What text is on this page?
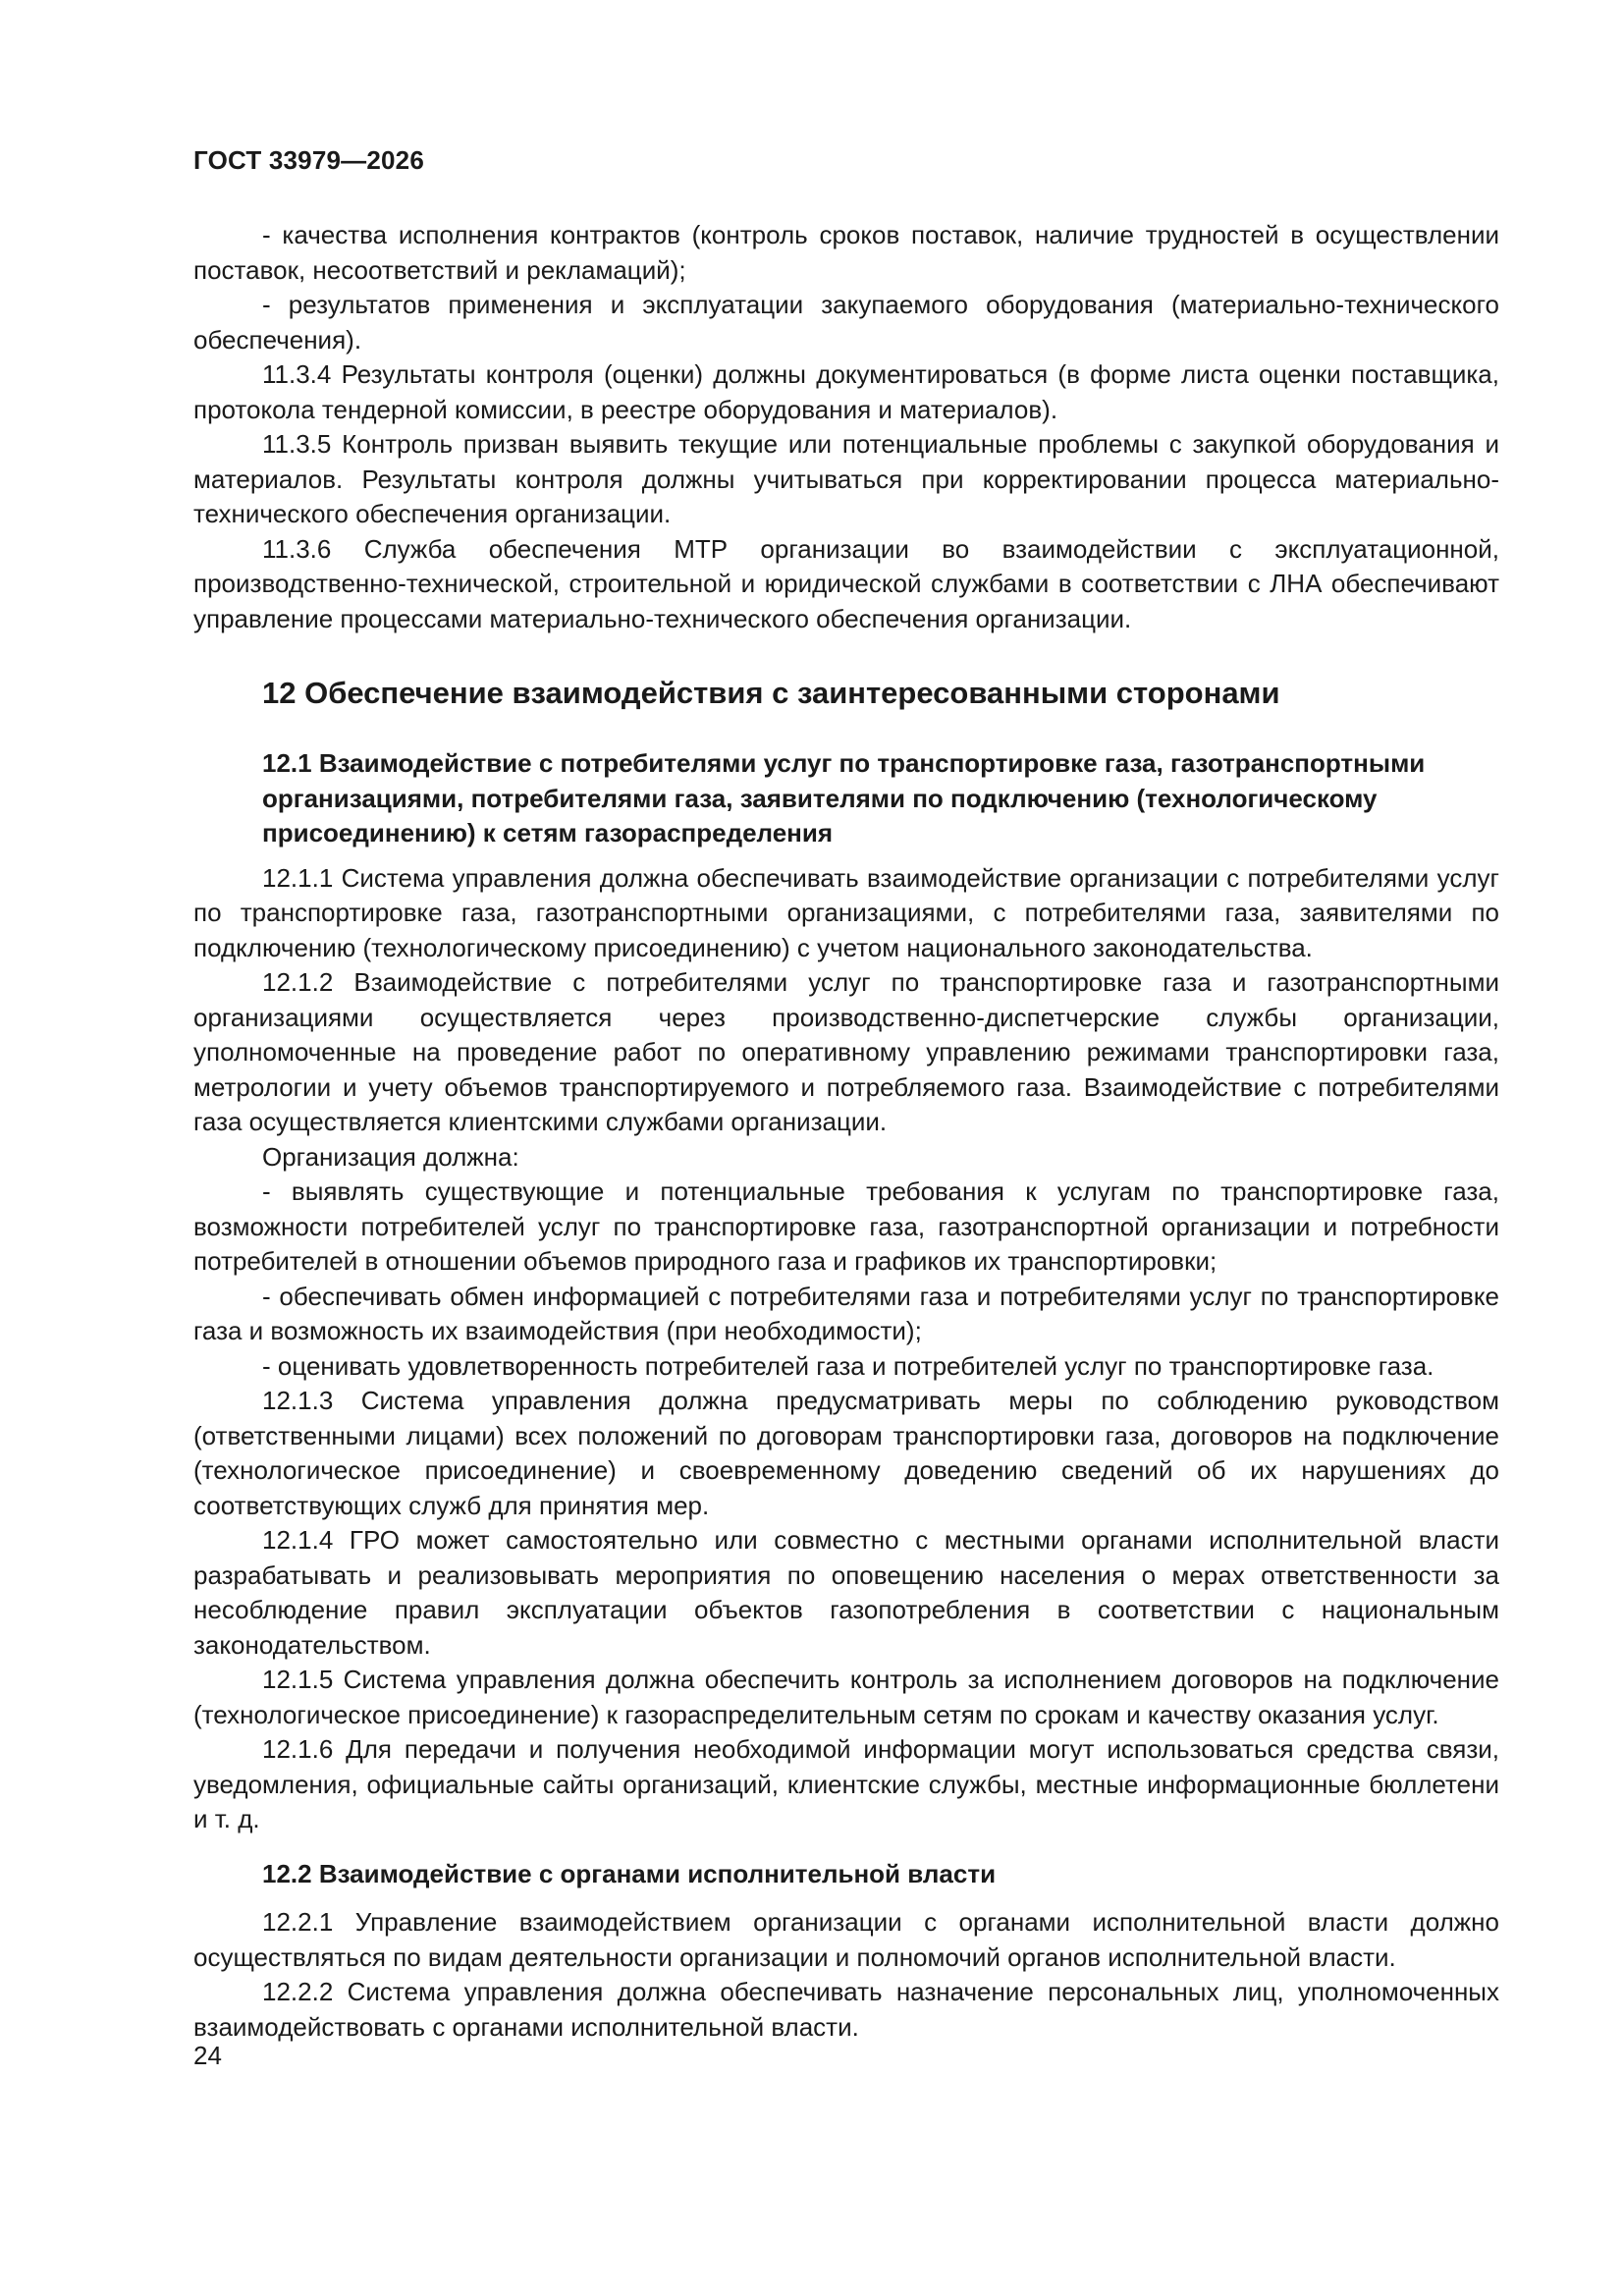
ГОСТ 33979—2026

- качества исполнения контрактов (контроль сроков поставок, наличие трудностей в осуществлении поставок, несоответствий и рекламаций);

- результатов применения и эксплуатации закупаемого оборудования (материально-технического обеспечения).

11.3.4 Результаты контроля (оценки) должны документироваться (в форме листа оценки поставщика, протокола тендерной комиссии, в реестре оборудования и материалов).

11.3.5 Контроль призван выявить текущие или потенциальные проблемы с закупкой оборудования и материалов. Результаты контроля должны учитываться при корректировании процесса материально-технического обеспечения организации.

11.3.6 Служба обеспечения МТР организации во взаимодействии с эксплуатационной, производственно-технической, строительной и юридической службами в соответствии с ЛНА обеспечивают управление процессами материально-технического обеспечения организации.

12 Обеспечение взаимодействия с заинтересованными сторонами
12.1 Взаимодействие с потребителями услуг по транспортировке газа, газотранспортными организациями, потребителями газа, заявителями по подключению (технологическому присоединению) к сетям газораспределения

12.1.1 Система управления должна обеспечивать взаимодействие организации с потребителями услуг по транспортировке газа, газотранспортными организациями, с потребителями газа, заявителями по подключению (технологическому присоединению) с учетом национального законодательства.

12.1.2 Взаимодействие с потребителями услуг по транспортировке газа и газотранспортными организациями осуществляется через производственно-диспетчерские службы организации, уполномоченные на проведение работ по оперативному управлению режимами транспортировки газа, метрологии и учету объемов транспортируемого и потребляемого газа. Взаимодействие с потребителями газа осуществляется клиентскими службами организации.

Организация должна:

- выявлять существующие и потенциальные требования к услугам по транспортировке газа, возможности потребителей услуг по транспортировке газа, газотранспортной организации и потребности потребителей в отношении объемов природного газа и графиков их транспортировки;

- обеспечивать обмен информацией с потребителями газа и потребителями услуг по транспортировке газа и возможность их взаимодействия (при необходимости);

- оценивать удовлетворенность потребителей газа и потребителей услуг по транспортировке газа.

12.1.3 Система управления должна предусматривать меры по соблюдению руководством (ответственными лицами) всех положений по договорам транспортировки газа, договоров на подключение (технологическое присоединение) и своевременному доведению сведений об их нарушениях до соответствующих служб для принятия мер.

12.1.4 ГРО может самостоятельно или совместно с местными органами исполнительной власти разрабатывать и реализовывать мероприятия по оповещению населения о мерах ответственности за несоблюдение правил эксплуатации объектов газопотребления в соответствии с национальным законодательством.

12.1.5 Система управления должна обеспечить контроль за исполнением договоров на подключение (технологическое присоединение) к газораспределительным сетям по срокам и качеству оказания услуг.

12.1.6 Для передачи и получения необходимой информации могут использоваться средства связи, уведомления, официальные сайты организаций, клиентские службы, местные информационные бюллетени и т. д.

12.2 Взаимодействие с органами исполнительной власти

12.2.1 Управление взаимодействием организации с органами исполнительной власти должно осуществляться по видам деятельности организации и полномочий органов исполнительной власти.

12.2.2 Система управления должна обеспечивать назначение персональных лиц, уполномоченных взаимодействовать с органами исполнительной власти.

24
